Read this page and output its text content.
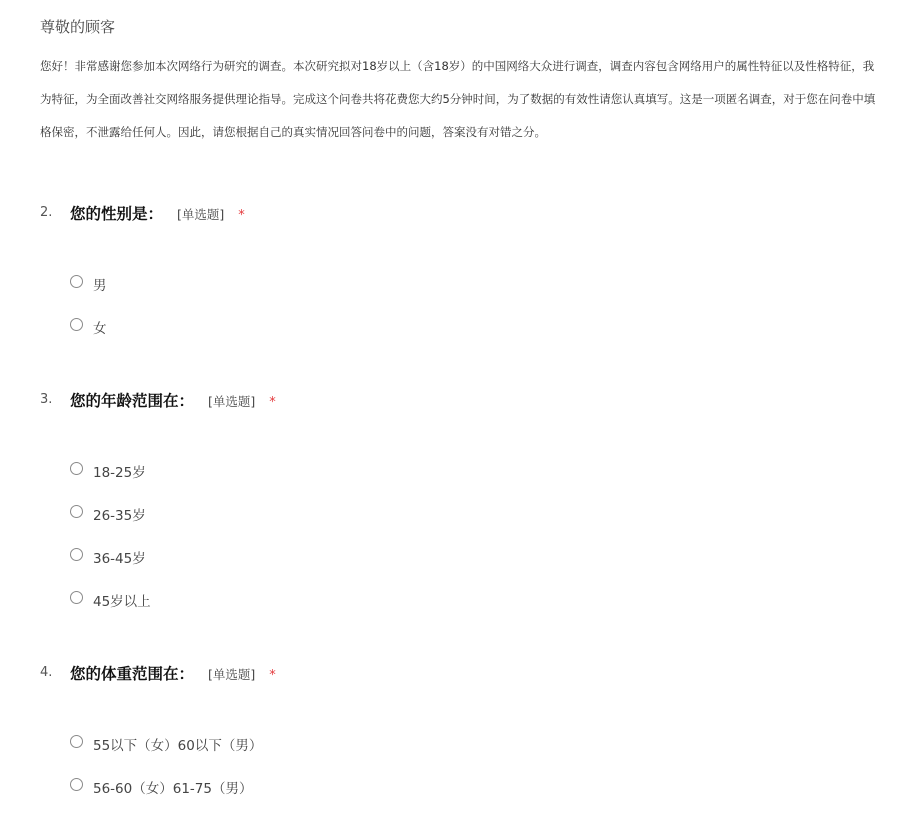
尊敬的顾客
您好！非常感谢您参加本次网络行为研究的调查。本次研究拟对18岁以上（含18岁）的中国网络大众进行调查，调查内容包含网络用户的属性特征以及性格特征，我
为特征，为全面改善社交网络服务提供理论指导。完成这个问卷共将花费您大约5分钟时间，为了数据的有效性请您认真填写。这是一项匿名调查，对于您在问卷中填
格保密，不泄露给任何人。因此，请您根据自己的真实情况回答问卷中的问题，答案没有对错之分。
2. 您的性别是： [单选题] *
男
女
3. 您的年龄范围在： [单选题] *
18-25岁
26-35岁
36-45岁
45岁以上
4. 您的体重范围在： [单选题] *
55以下（女）60以下（男）
56-60（女）61-75（男）
